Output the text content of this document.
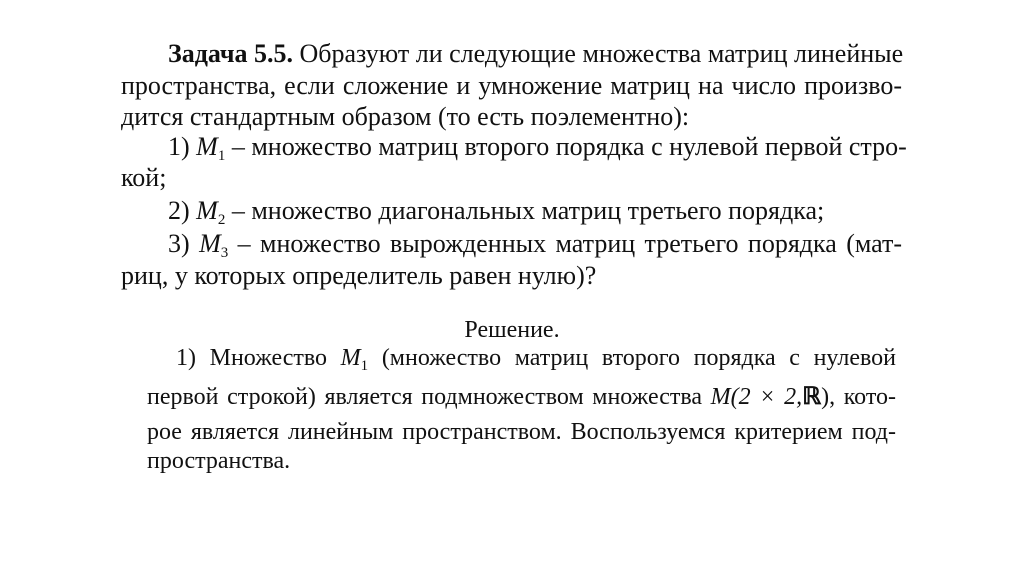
Задача 5.5. Образуют ли следующие множества матриц линейные
пространства, если сложение и умножение матриц на число произво-
дится стандартным образом (то есть поэлементно):
1) $M_1$ – множество матриц второго порядка с нулевой первой стро-
кой;
2) $M_2$ – множество диагональных матриц третьего порядка;
3) $M_3$ – множество вырожденных матриц третьего порядка (мат-
риц, у которых определитель равен нулю)?
Решение.
1) Множество $M_1$ (множество матриц второго порядка с нулевой
первой строкой) является подмножеством множества M(2 × 2,ℝ), кото-
рое является линейным пространством. Воспользуемся критерием под-
пространства.
